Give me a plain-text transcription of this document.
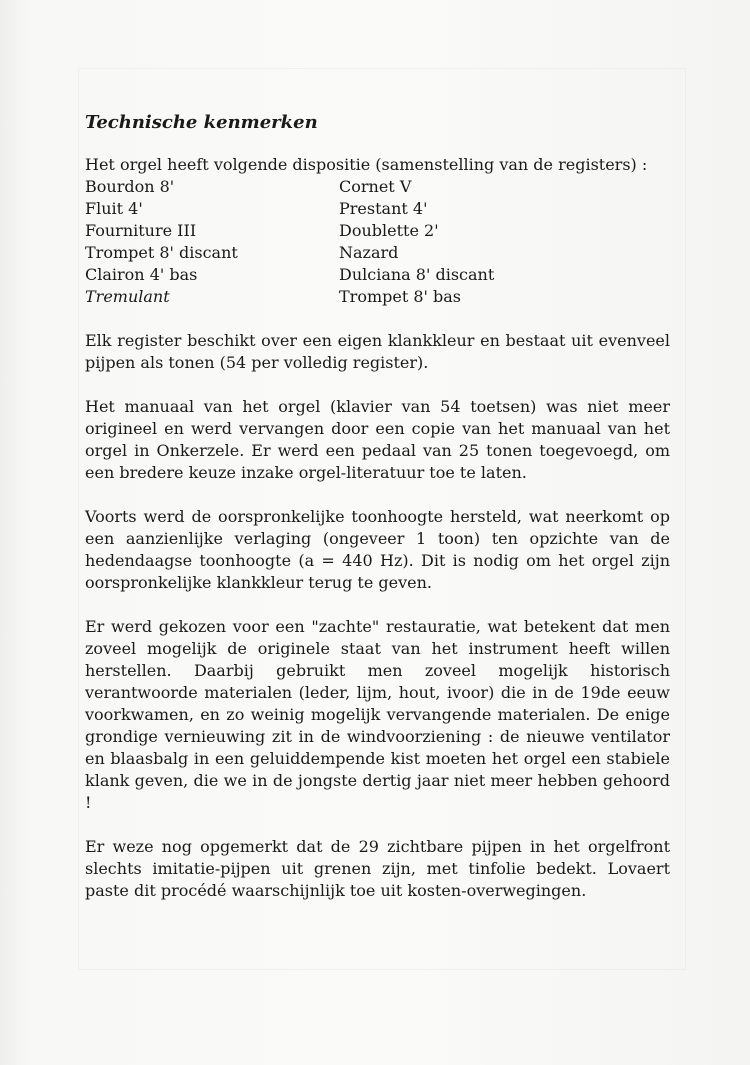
Technische kenmerken

Het orgel heeft volgende dispositie (samenstelling van de registers) :

Bourdon 8'	Cornet V
Fluit 4'	Prestant 4'
Fourniture III	Doublette 2'
Trompet 8' discant	Nazard
Clairon 4' bas	Dulciana 8' discant
Tremulant	Trompet 8' bas

Elk register beschikt over een eigen klankkleur en bestaat uit evenveel pijpen als tonen (54 per volledig register).

Het manuaal van het orgel (klavier van 54 toetsen) was niet meer origineel en werd vervangen door een copie van het manuaal van het orgel in Onkerzele. Er werd een pedaal van 25 tonen toegevoegd, om een bredere keuze inzake orgel-literatuur toe te laten.

Voorts werd de oorspronkelijke toonhoogte hersteld, wat neerkomt op een aanzienlijke verlaging (ongeveer 1 toon) ten opzichte van de hedendaagse toonhoogte (a = 440 Hz). Dit is nodig om het orgel zijn oorspronkelijke klankkleur terug te geven.

Er werd gekozen voor een "zachte" restauratie, wat betekent dat men zoveel mogelijk de originele staat van het instrument heeft willen herstellen. Daarbij gebruikt men zoveel mogelijk historisch verantwoorde materialen (leder, lijm, hout, ivoor) die in de 19de eeuw voorkwamen, en zo weinig mogelijk vervangende materialen. De enige grondige vernieuwing zit in de windvoorziening : de nieuwe ventilator en blaasbalg in een geluiddempende kist moeten het orgel een stabiele klank geven, die we in de jongste dertig jaar niet meer hebben gehoord !

Er weze nog opgemerkt dat de 29 zichtbare pijpen in het orgelfront slechts imitatie-pijpen uit grenen zijn, met tinfolie bedekt. Lovaert paste dit procédé waarschijnlijk toe uit kosten-overwegingen.
